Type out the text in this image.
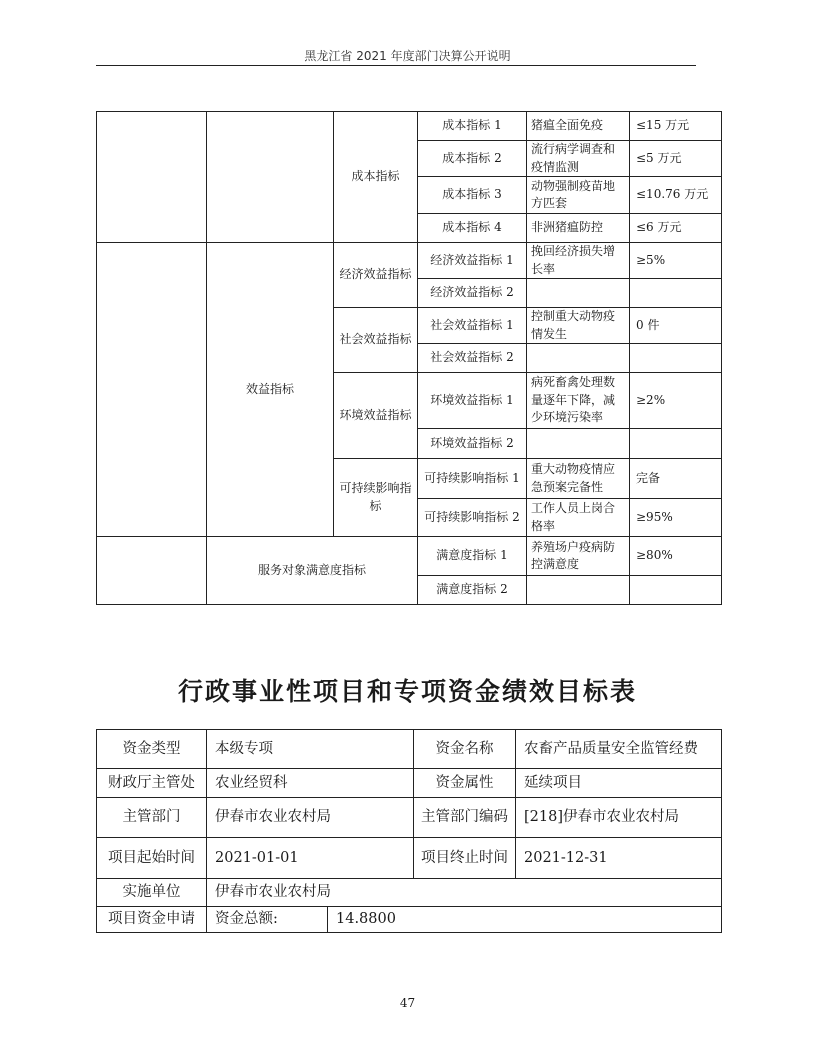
黑龙江省 2021 年度部门决算公开说明
		成本指标	成本指标 1	猪瘟全面免疫	≤15 万元
			成本指标 2	流行病学调查和疫情监测	≤5 万元
			成本指标 3	动物强制疫苗地方匹套	≤10.76 万元
			成本指标 4	非洲猪瘟防控	≤6 万元
	效益指标	经济效益指标	经济效益指标 1	挽回经济损失增长率	≥5%
			经济效益指标 2		
		社会效益指标	社会效益指标 1	控制重大动物疫情发生	0 件
			社会效益指标 2		
		环境效益指标	环境效益指标 1	病死畜禽处理数量逐年下降，减少环境污染率	≥2%
			环境效益指标 2		
		可持续影响指标	可持续影响指标 1	重大动物疫情应急预案完备性	完备
			可持续影响指标 2	工作人员上岗合格率	≥95%
	服务对象满意度指标		满意度指标 1	养殖场户疫病防控满意度	≥80%
			满意度指标 2		
行政事业性项目和专项资金绩效目标表
资金类型	本级专项		资金名称	农畜产品质量安全监管经费
财政厅主管处	农业经贸科		资金属性	延续项目
主管部门	伊春市农业农村局		主管部门编码	[218]伊春市农业农村局
项目起始时间	2021-01-01		项目终止时间	2021-12-31
实施单位	伊春市农业农村局			
项目资金申请	资金总额:	14.8800		
47
